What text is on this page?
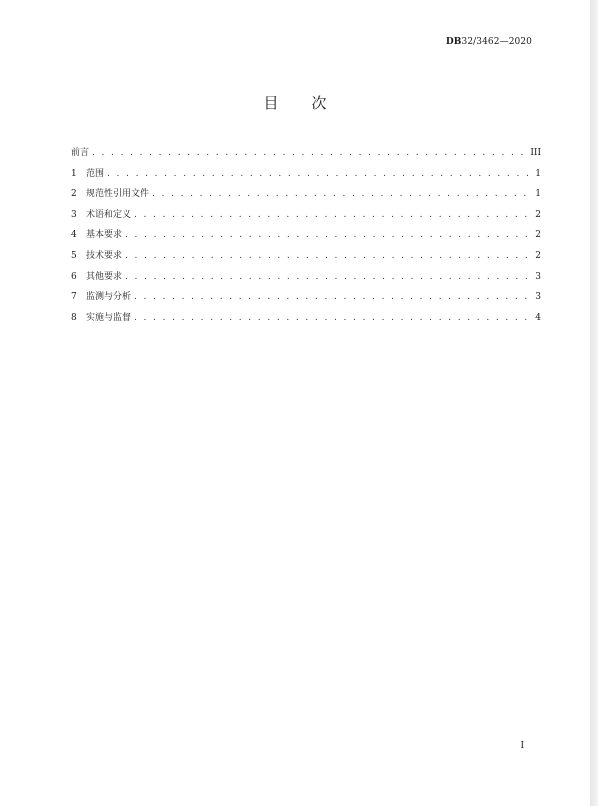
DB32/3462—2020
目次
前言 . . .	III
1	范围 . . .	1
2	规范性引用文件 . . .	1
3	术语和定义 . . .	2
4	基本要求 . . .	2
5	技术要求 . . .	2
6	其他要求 . . .	3
7	监测与分析 . . .	3
8	实施与监督 . . .	4
I
